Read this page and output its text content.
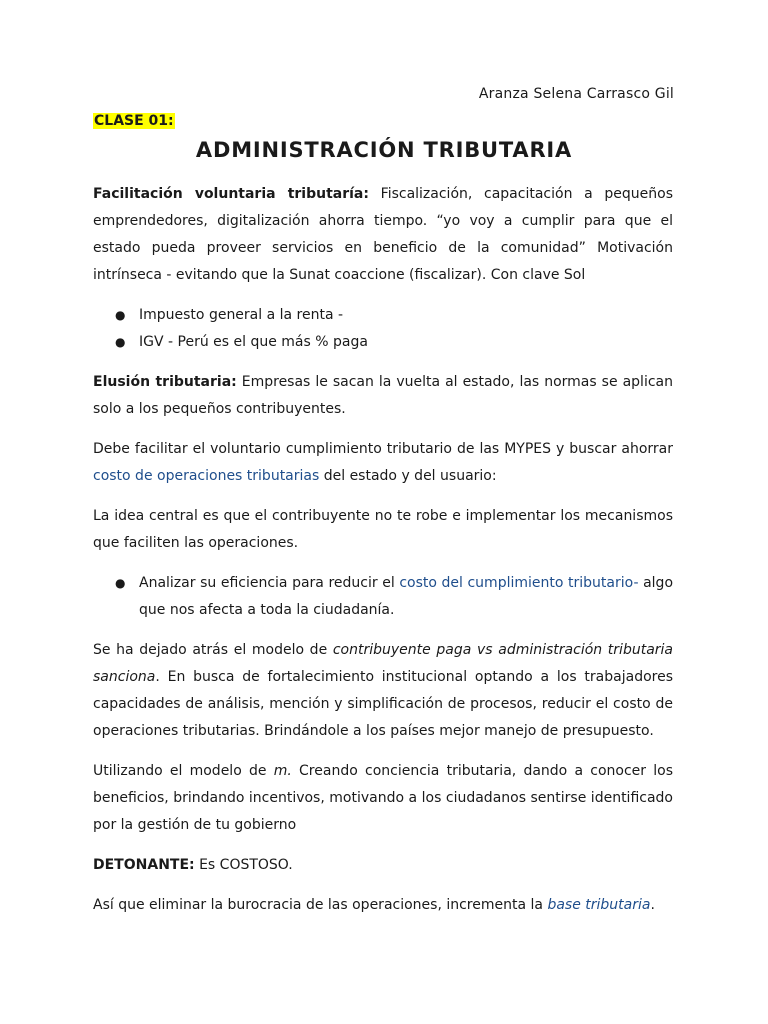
Aranza Selena Carrasco Gil
CLASE 01:
ADMINISTRACIÓN TRIBUTARIA

Facilitación voluntaria tributaría: Fiscalización, capacitación a pequeños emprendedores, digitalización ahorra tiempo. “yo voy a cumplir para que el estado pueda proveer servicios en beneficio de la comunidad” Motivación intrínseca - evitando que la Sunat coaccione (fiscalizar). Con clave Sol

● Impuesto general a la renta -
● IGV - Perú es el que más % paga

Elusión tributaria: Empresas le sacan la vuelta al estado, las normas se aplican solo a los pequeños contribuyentes.

Debe facilitar el voluntario cumplimiento tributario de las MYPES y buscar ahorrar costo de operaciones tributarias del estado y del usuario:

La idea central es que el contribuyente no te robe e implementar los mecanismos que faciliten las operaciones.

● Analizar su eficiencia para reducir el costo del cumplimiento tributario- algo que nos afecta a toda la ciudadanía.

Se ha dejado atrás el modelo de contribuyente paga vs administración tributaria sanciona. En busca de fortalecimiento institucional optando a los trabajadores capacidades de análisis, mención y simplificación de procesos, reducir el costo de operaciones tributarias. Brindándole a los países mejor manejo de presupuesto.

Utilizando el modelo de m. Creando conciencia tributaria, dando a conocer los beneficios, brindando incentivos, motivando a los ciudadanos sentirse identificado por la gestión de tu gobierno

DETONANTE: Es COSTOSO.

Así que eliminar la burocracia de las operaciones, incrementa la base tributaria.
